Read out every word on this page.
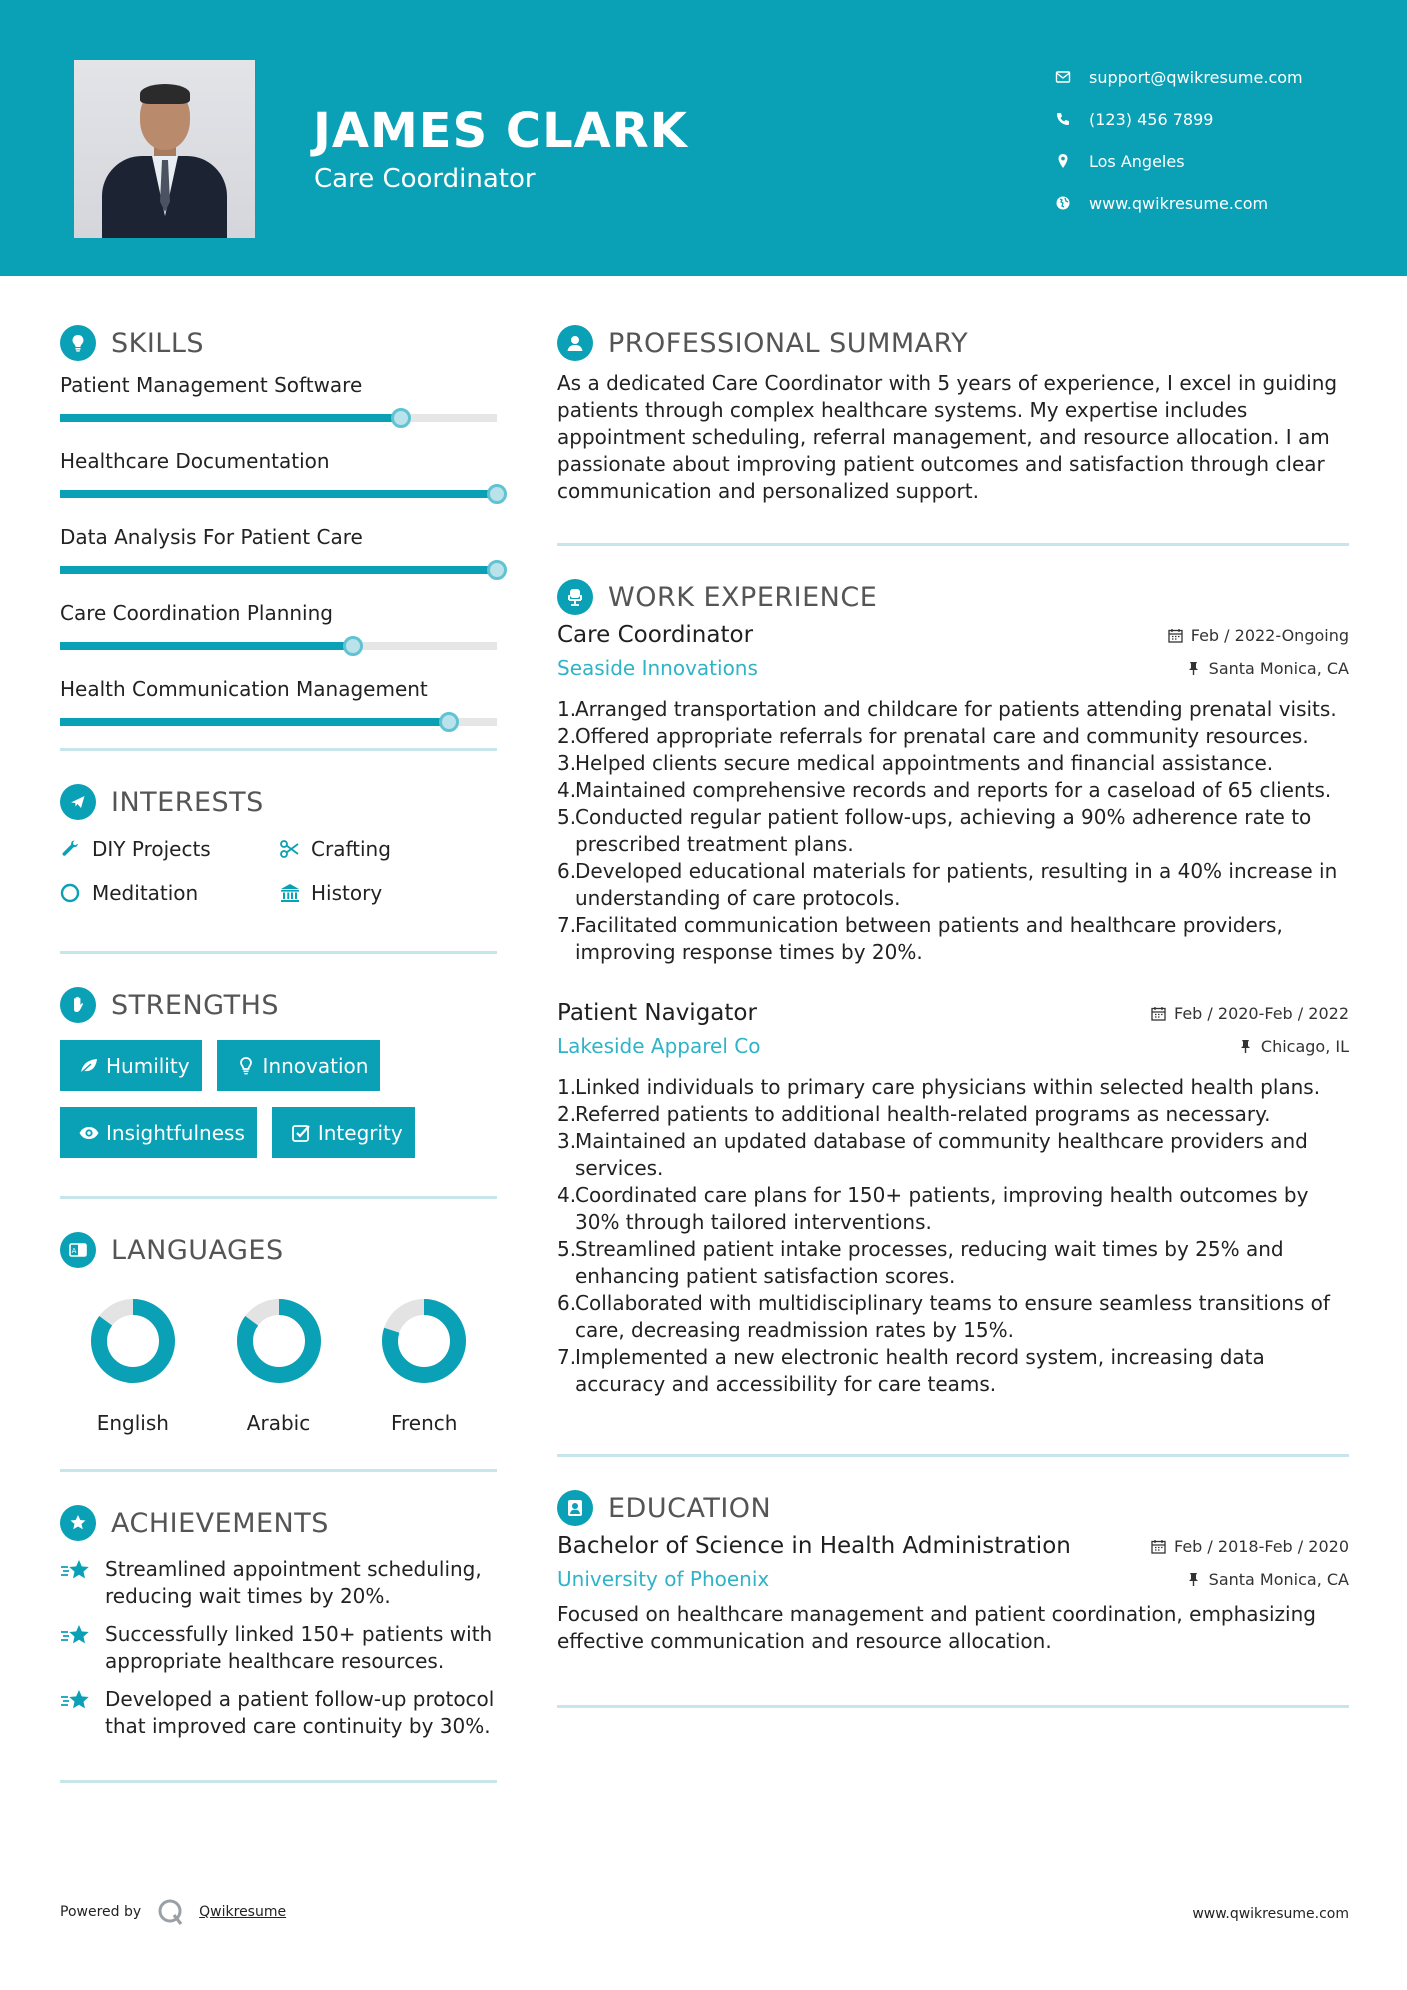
JAMES CLARK
Care Coordinator
support@qwikresume.com
(123) 456 7899
Los Angeles
www.qwikresume.com
SKILLS
Patient Management Software
Healthcare Documentation
Data Analysis For Patient Care
Care Coordination Planning
Health Communication Management
INTERESTS
DIY Projects	Crafting
Meditation	History
STRENGTHS
Humility	Innovation
Insightfulness	Integrity
A LANGUAGES
English	Arabic	French
ACHIEVEMENTS
Streamlined appointment scheduling, reducing wait times by 20%.
Successfully linked 150+ patients with appropriate healthcare resources.
Developed a patient follow-up protocol that improved care continuity by 30%.
PROFESSIONAL SUMMARY

As a dedicated Care Coordinator with 5 years of experience, I excel in guiding patients through complex healthcare systems. My expertise includes appointment scheduling, referral management, and resource allocation. I am passionate about improving patient outcomes and satisfaction through clear communication and personalized support.

WORK EXPERIENCE
Care Coordinator	Feb / 2022-Ongoing
Seaside Innovations	Santa Monica, CA
1.
Arranged transportation and childcare for patients attending prenatal visits.
2.
Offered appropriate referrals for prenatal care and community resources.
3.
Helped clients secure medical appointments and financial assistance.
4.
Maintained comprehensive records and reports for a caseload of 65 clients.
5.
Conducted regular patient follow-ups, achieving a 90% adherence rate to prescribed treatment plans.
6.
Developed educational materials for patients, resulting in a 40% increase in understanding of care protocols.
7.
Facilitated communication between patients and healthcare providers, improving response times by 20%.
Patient Navigator	Feb / 2020-Feb / 2022
Lakeside Apparel Co	Chicago, IL
1.
Linked individuals to primary care physicians within selected health plans.
2.
Referred patients to additional health-related programs as necessary.
3.
Maintained an updated database of community healthcare providers and services.
4.
Coordinated care plans for 150+ patients, improving health outcomes by 30% through tailored interventions.
5.
Streamlined patient intake processes, reducing wait times by 25% and enhancing patient satisfaction scores.
6.
Collaborated with multidisciplinary teams to ensure seamless transitions of care, decreasing readmission rates by 15%.
7.
Implemented a new electronic health record system, increasing data accuracy and accessibility for care teams.
EDUCATION
Bachelor of Science in Health Administration	Feb / 2018-Feb / 2020
University of Phoenix	Santa Monica, CA

Focused on healthcare management and patient coordination, emphasizing effective communication and resource allocation.

Powered by	Qwikresume	www.qwikresume.com
